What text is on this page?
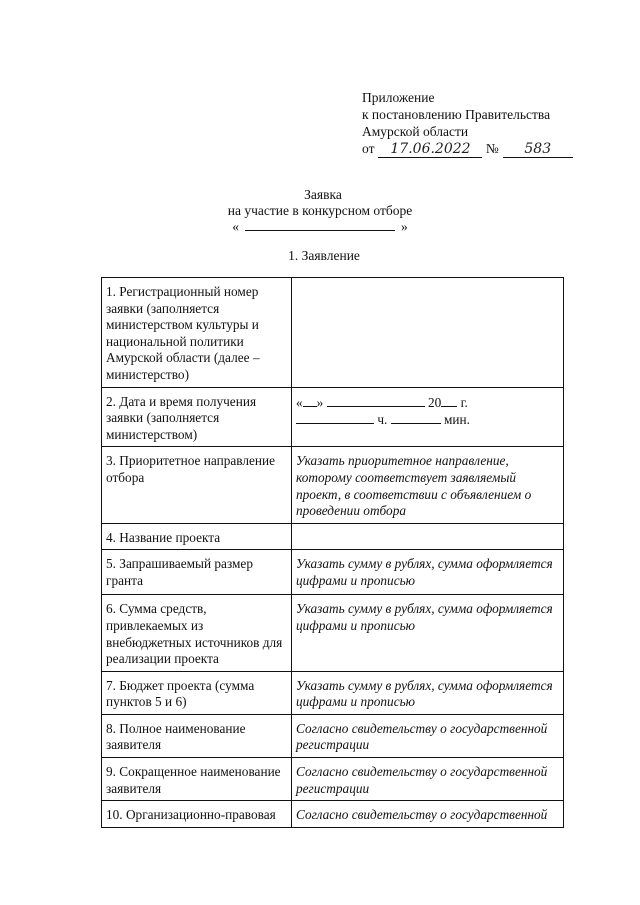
Приложение
к постановлению Правительства
Амурской области
от 17.06.2022 № 583
Заявка
на участие в конкурсном отборе
«	»
1. Заявление
1. Регистрационный номер заявки (заполняется министерством культуры и национальной политики Амурской области (далее – министерство)	
2. Дата и время получения заявки (заполняется министерством)	« » 20 г.
ч. мин.

3. Приоритетное направление отбора	Указать приоритетное направление, которому соответствует заявляемый проект, в соответствии с объявлением о проведении отбора
4. Название проекта	
5. Запрашиваемый размер гранта	Указать сумму в рублях, сумма оформляется цифрами и прописью
6. Сумма средств, привлекаемых из внебюджетных источников для реализации проекта	Указать сумму в рублях, сумма оформляется цифрами и прописью
7. Бюджет проекта (сумма пунктов 5 и 6)	Указать сумму в рублях, сумма оформляется цифрами и прописью
8. Полное наименование заявителя	Согласно свидетельству о государственной регистрации
9. Сокращенное наименование заявителя	Согласно свидетельству о государственной регистрации
10. Организационно-правовая	Согласно свидетельству о государственной
